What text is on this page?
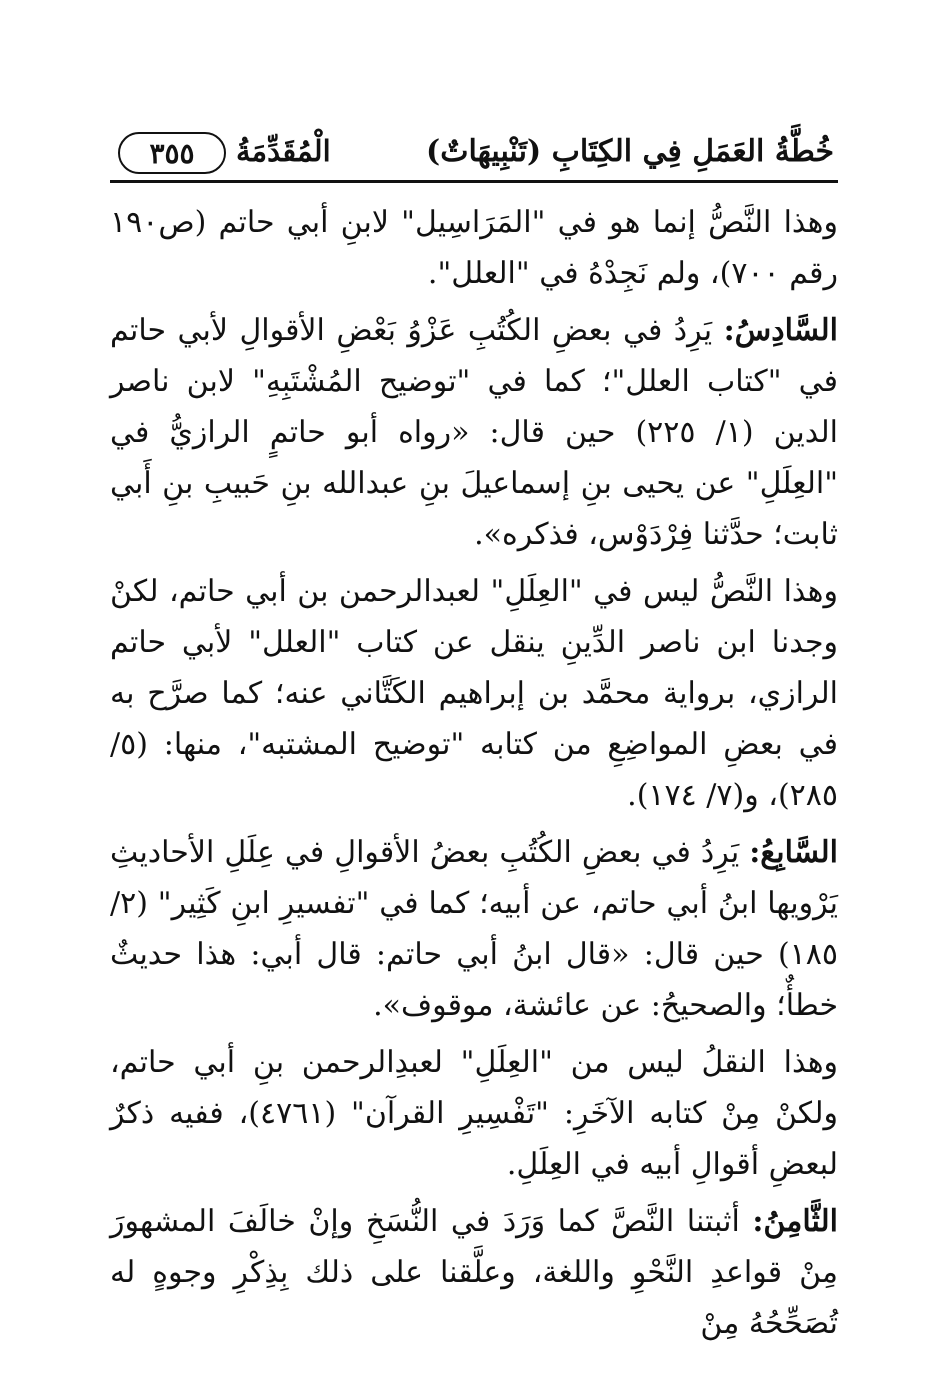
خُطَّةُ العَمَلِ فِي الكِتَابِ (تَنْبِيهَاتٌ)
الْمُقَدِّمَةُ
٣٥٥

وهذا النَّصُّ إنما هو في "المَرَاسِيل" لابنِ أبي حاتم (ص١٩٠ رقم ٧٠٠)، ولم نَجِدْهُ في "العلل".

السَّادِسُ: يَرِدُ في بعضِ الكُتُبِ عَزْوُ بَعْضِ الأقوالِ لأبي حاتم في "كتاب العلل"؛ كما في "توضيح المُشْتَبِهِ" لابن ناصر الدين (١/ ٢٢٥) حين قال: «رواه أبو حاتمٍ الرازيُّ في "العِلَلِ" عن يحيى بنِ إسماعيلَ بنِ عبدالله بنِ حَبيبِ بنِ أَبي ثابت؛ حدَّثنا فِرْدَوْس، فذكره».

وهذا النَّصُّ ليس في "العِلَلِ" لعبدالرحمن بن أبي حاتم، لكنْ وجدنا ابن ناصر الدِّينِ ينقل عن كتاب "العلل" لأبي حاتم الرازي، برواية محمَّد بن إبراهيم الكَتَّاني عنه؛ كما صرَّح به في بعضِ المواضِعِ من كتابه "توضيح المشتبه"، منها: (٥/ ٢٨٥)، و(٧/ ١٧٤).

السَّابِعُ: يَرِدُ في بعضِ الكُتُبِ بعضُ الأقوالِ في عِلَلِ الأحاديثِ يَرْويها ابنُ أبي حاتم، عن أبيه؛ كما في "تفسيرِ ابنِ كَثِير" (٢/ ١٨٥) حين قال: «قال ابنُ أبي حاتم: قال أبي: هذا حديثٌ خطأٌ؛ والصحيحُ: عن عائشة، موقوف».

وهذا النقلُ ليس من "العِلَلِ" لعبدِالرحمن بنِ أبي حاتم، ولكنْ مِنْ كتابه الآخَرِ: "تَفْسِيرِ القرآن" (٤٧٦١)، ففيه ذكرٌ لبعضِ أقوالِ أبيه في العِلَلِ.

الثَّامِنُ: أثبتنا النَّصَّ كما وَرَدَ في النُّسَخِ وإنْ خالَفَ المشهورَ مِنْ قواعدِ النَّحْوِ واللغة، وعلَّقنا على ذلك بِذِكْرِ وجوهٍ له تُصَحِّحُهُ مِنْ
